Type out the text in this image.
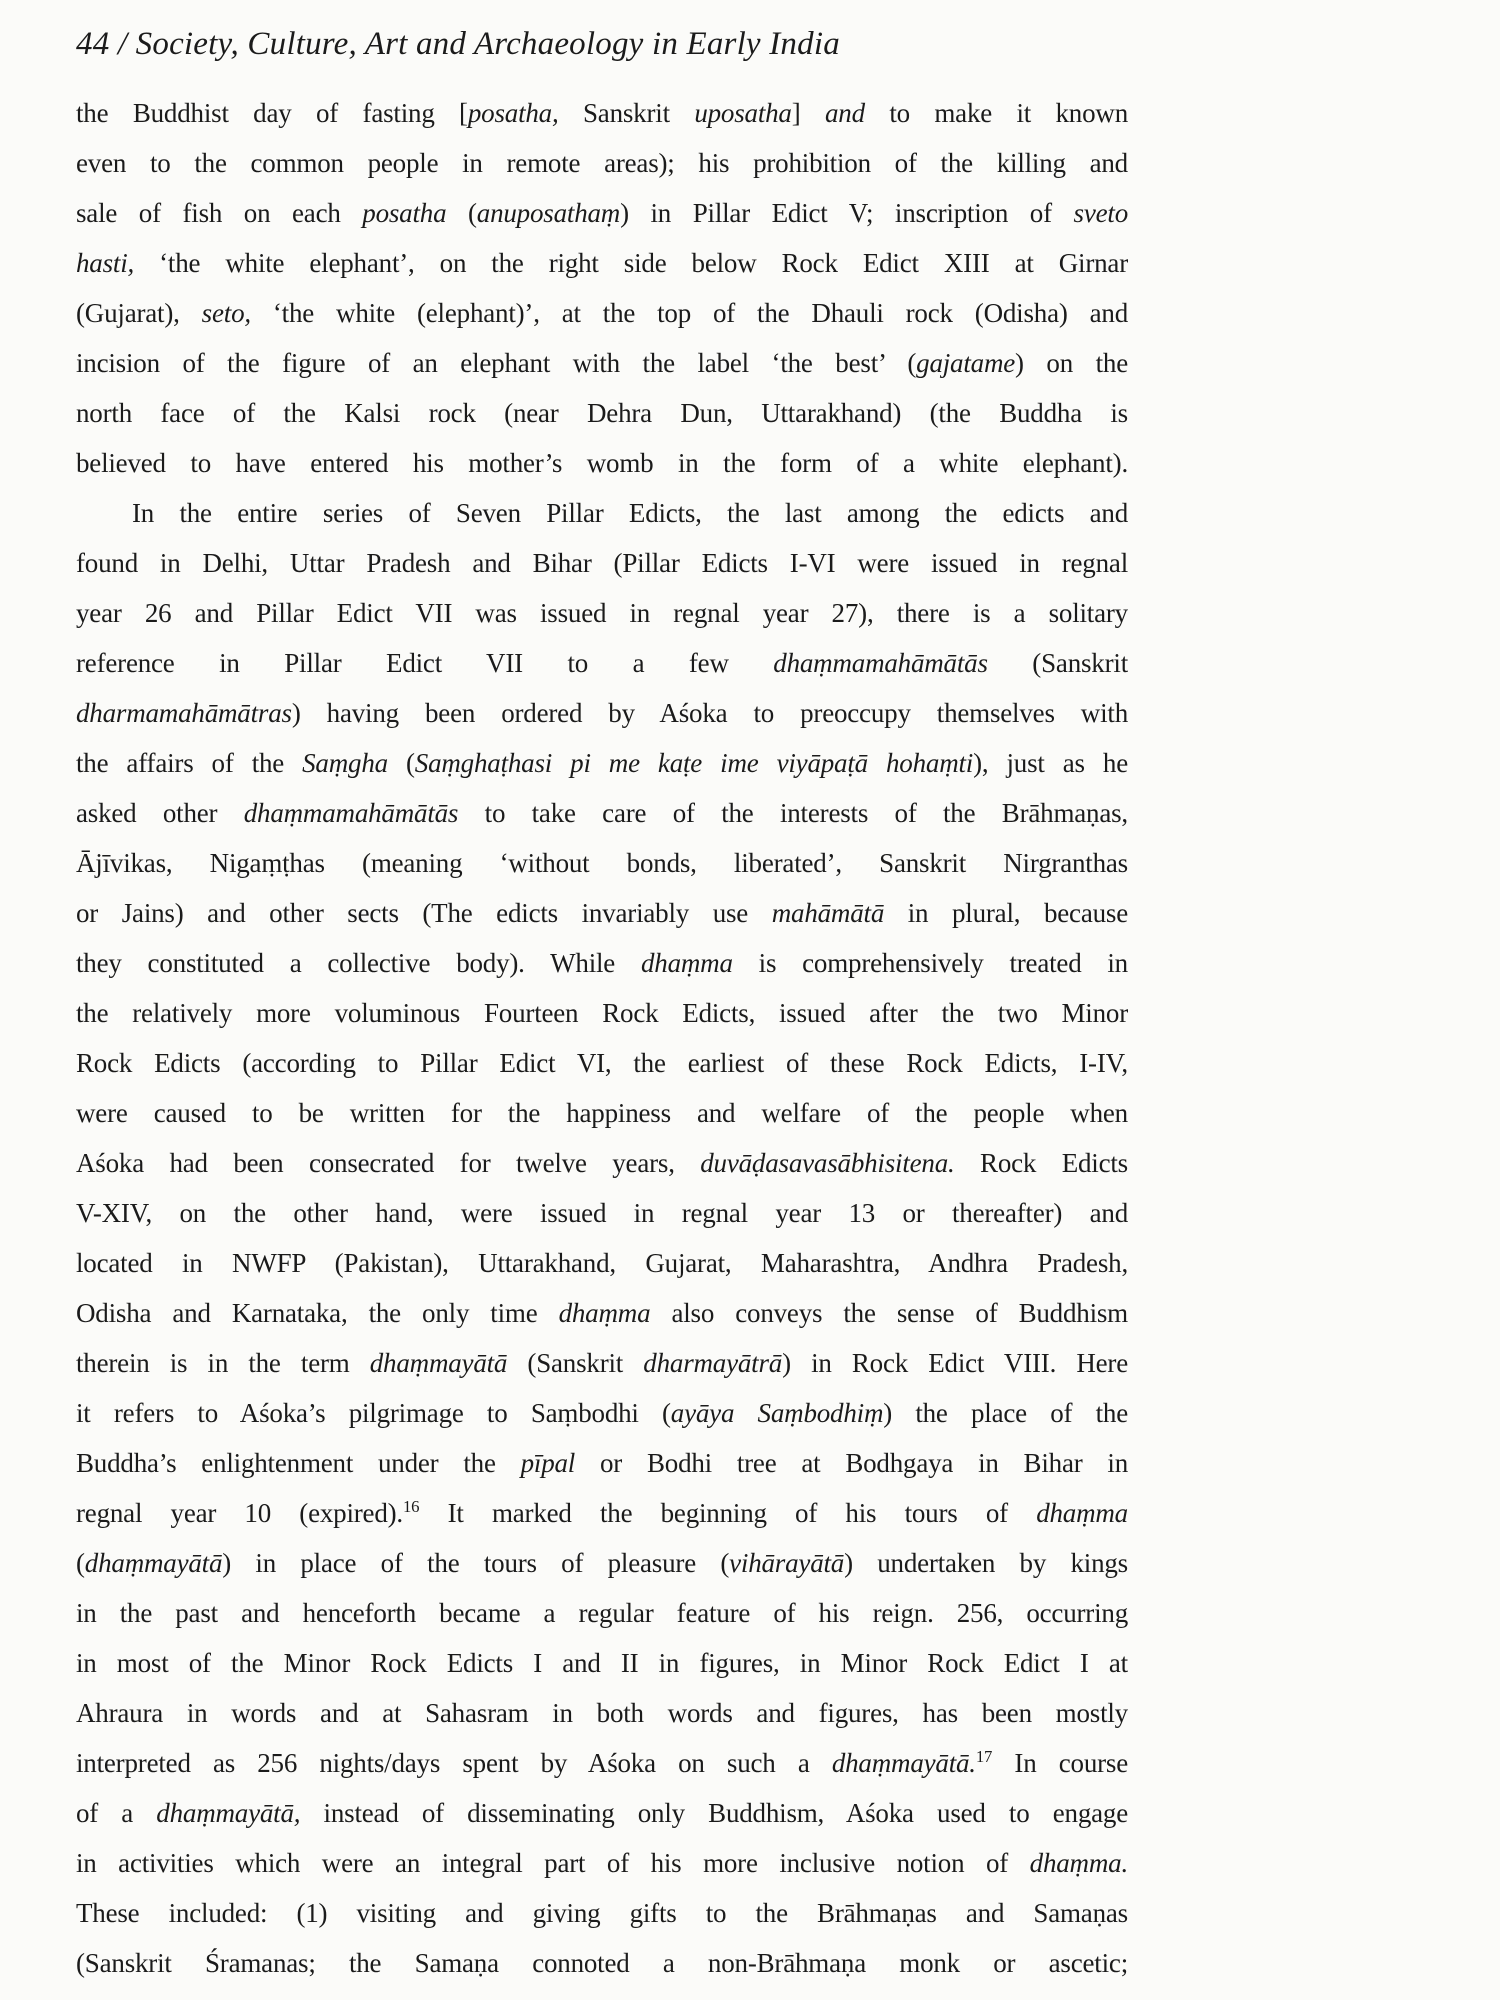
44 / Society, Culture, Art and Archaeology in Early India
the Buddhist day of fasting [posatha, Sanskrit uposatha] and to make it known
even to the common people in remote areas); his prohibition of the killing and
sale of fish on each posatha (anuposathaṃ) in Pillar Edict V; inscription of sveto
hasti, ‘the white elephant’, on the right side below Rock Edict XIII at Girnar
(Gujarat), seto, ‘the white (elephant)’, at the top of the Dhauli rock (Odisha) and
incision of the figure of an elephant with the label ‘the best’ (gajatame) on the
north face of the Kalsi rock (near Dehra Dun, Uttarakhand) (the Buddha is
believed to have entered his mother’s womb in the form of a white elephant).
In the entire series of Seven Pillar Edicts, the last among the edicts and
found in Delhi, Uttar Pradesh and Bihar (Pillar Edicts I-VI were issued in regnal
year 26 and Pillar Edict VII was issued in regnal year 27), there is a solitary
reference in Pillar Edict VII to a few dhaṃmamahāmātās (Sanskrit
dharmamahāmātras) having been ordered by Aśoka to preoccupy themselves with
the affairs of the Saṃgha (Saṃghaṭhasi pi me kaṭe ime viyāpaṭā hohaṃti), just as he
asked other dhaṃmamahāmātās to take care of the interests of the Brāhmaṇas,
Ājīvikas, Nigaṃṭhas (meaning ‘without bonds, liberated’, Sanskrit Nirgranthas
or Jains) and other sects (The edicts invariably use mahāmātā in plural, because
they constituted a collective body). While dhaṃma is comprehensively treated in
the relatively more voluminous Fourteen Rock Edicts, issued after the two Minor
Rock Edicts (according to Pillar Edict VI, the earliest of these Rock Edicts, I-IV,
were caused to be written for the happiness and welfare of the people when
Aśoka had been consecrated for twelve years, duvāḍasavasābhisitena. Rock Edicts
V-XIV, on the other hand, were issued in regnal year 13 or thereafter) and
located in NWFP (Pakistan), Uttarakhand, Gujarat, Maharashtra, Andhra Pradesh,
Odisha and Karnataka, the only time dhaṃma also conveys the sense of Buddhism
therein is in the term dhaṃmayātā (Sanskrit dharmayātrā) in Rock Edict VIII. Here
it refers to Aśoka’s pilgrimage to Saṃbodhi (ayāya Saṃbodhiṃ) the place of the
Buddha’s enlightenment under the pīpal or Bodhi tree at Bodhgaya in Bihar in
regnal year 10 (expired).$^{16}$ It marked the beginning of his tours of dhaṃma
(dhaṃmayātā) in place of the tours of pleasure (vihārayātā) undertaken by kings
in the past and henceforth became a regular feature of his reign. 256, occurring
in most of the Minor Rock Edicts I and II in figures, in Minor Rock Edict I at
Ahraura in words and at Sahasram in both words and figures, has been mostly
interpreted as 256 nights/days spent by Aśoka on such a dhaṃmayātā.$^{17}$ In course
of a dhaṃmayātā, instead of disseminating only Buddhism, Aśoka used to engage
in activities which were an integral part of his more inclusive notion of dhaṃma.
These included: (1) visiting and giving gifts to the Brāhmaṇas and Samaṇas
(Sanskrit Śramanas; the Samaṇa connoted a non-Brāhmaṇa monk or ascetic;
